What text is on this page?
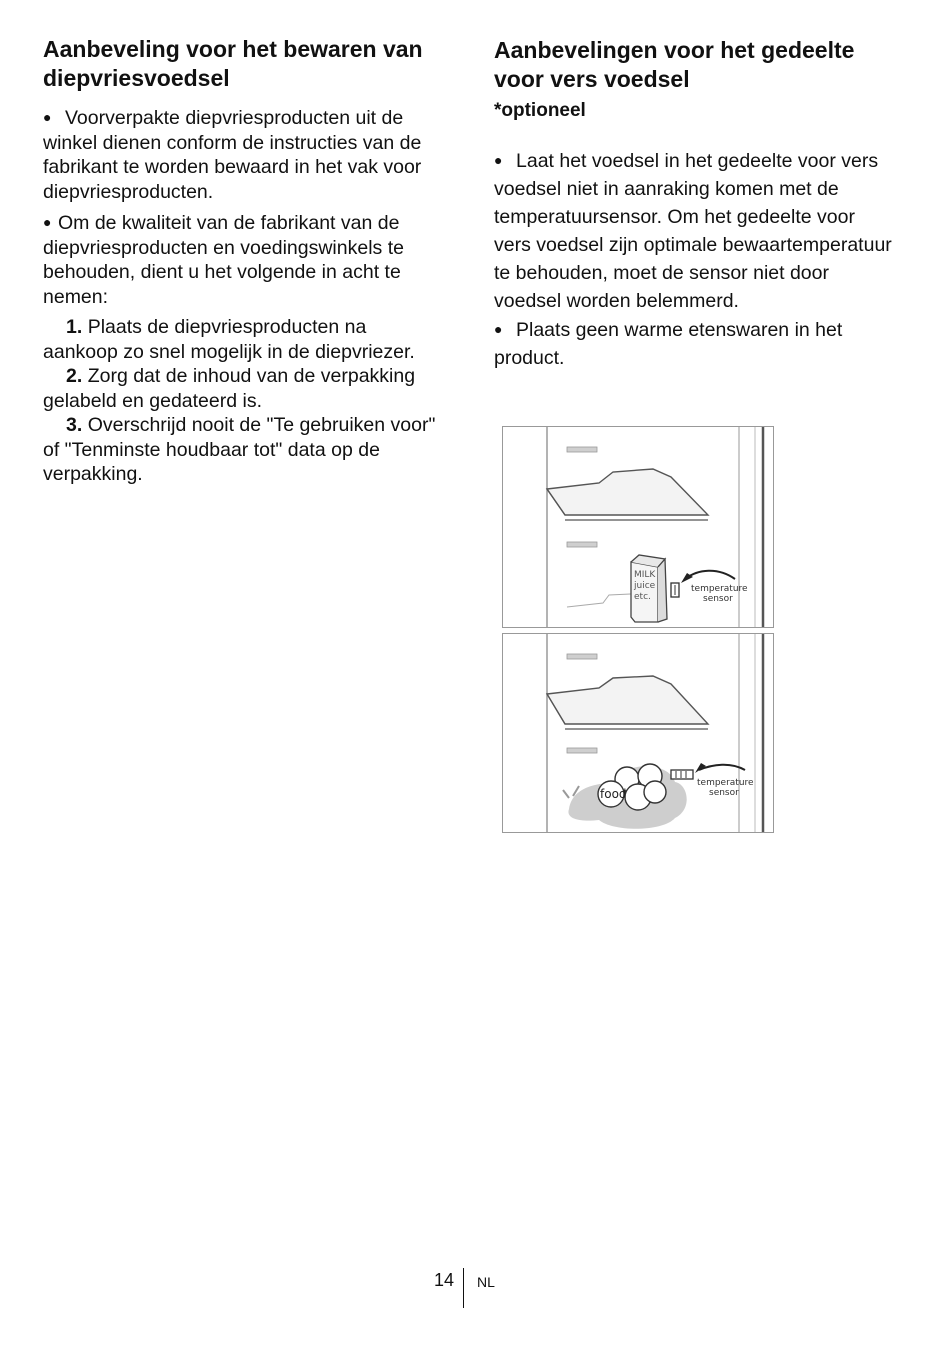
Aanbeveling voor het bewaren van diepvriesvoedsel

● Voorverpakte diepvriesproducten uit de winkel dienen conform de instructies van de fabrikant te worden bewaard in het vak voor diepvriesproducten.

● Om de kwaliteit van de fabrikant van de diepvriesproducten en voedingswinkels te behouden, dient u het volgende in acht te nemen:

1. Plaats de diepvriesproducten na aankoop zo snel mogelijk in de diepvriezer.

2. Zorg dat de inhoud van de verpakking gelabeld en gedateerd is.

3. Overschrijd nooit de "Te gebruiken voor" of "Tenminste houdbaar tot" data op de verpakking.

Aanbevelingen voor het gedeelte voor vers voedsel
*optioneel

● Laat het voedsel in het gedeelte voor vers voedsel niet in aanraking komen met de temperatuursensor. Om het gedeelte voor vers voedsel zijn optimale bewaartemperatuur te behouden, moet de sensor niet door voedsel worden belemmerd.

● Plaats geen warme etenswaren in het product.

MILK
juice
etc.
temperature
sensor
food
temperature
sensor
14 NL
